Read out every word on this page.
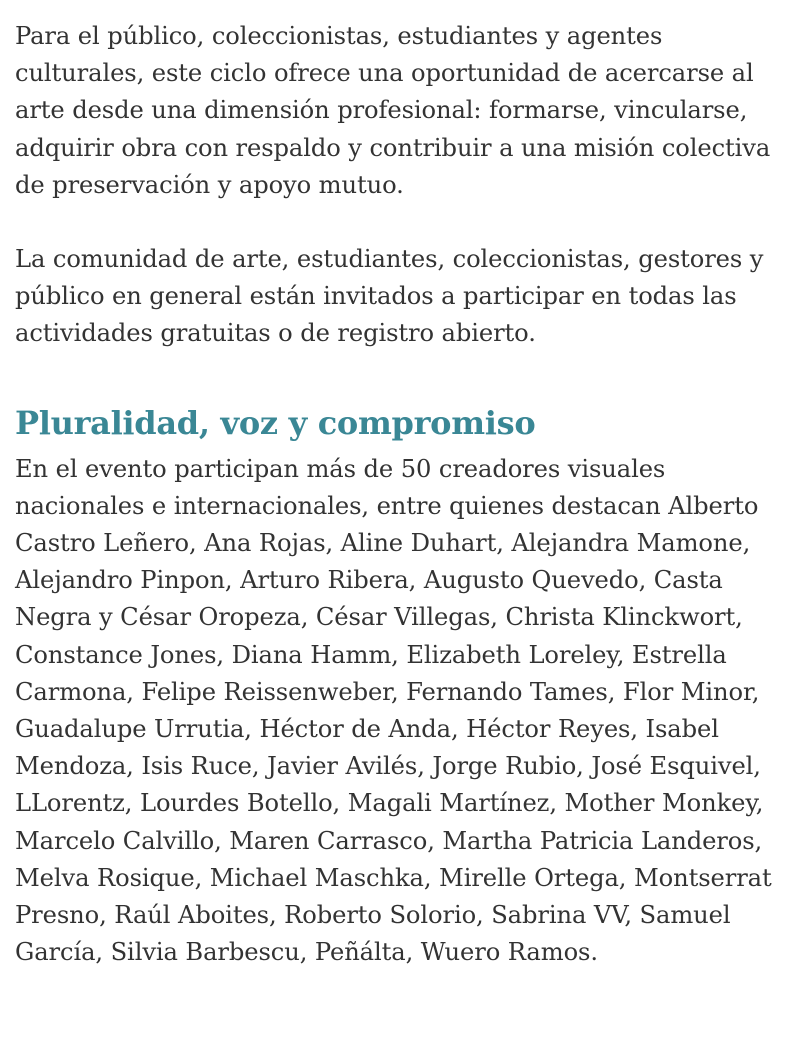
Para el público, coleccionistas, estudiantes y agentes culturales, este ciclo ofrece una oportunidad de acercarse al arte desde una dimensión profesional: formarse, vincularse, adquirir obra con respaldo y contribuir a una misión colectiva de preservación y apoyo mutuo.

La comunidad de arte, estudiantes, coleccionistas, gestores y público en general están invitados a participar en todas las actividades gratuitas o de registro abierto.

Pluralidad, voz y compromiso

En el evento participan más de 50 creadores visuales nacionales e internacionales, entre quienes destacan Alberto Castro Leñero, Ana Rojas, Aline Duhart, Alejandra Mamone, Alejandro Pinpon, Arturo Ribera, Augusto Quevedo, Casta Negra y César Oropeza, César Villegas, Christa Klinckwort, Constance Jones, Diana Hamm, Elizabeth Loreley, Estrella Carmona, Felipe Reissenweber, Fernando Tames, Flor Minor, Guadalupe Urrutia, Héctor de Anda, Héctor Reyes, Isabel Mendoza, Isis Ruce, Javier Avilés, Jorge Rubio, José Esquivel, LLorentz, Lourdes Botello, Magali Martínez, Mother Monkey, Marcelo Calvillo, Maren Carrasco, Martha Patricia Landeros, Melva Rosique, Michael Maschka, Mirelle Ortega, Montserrat Presno, Raúl Aboites, Roberto Solorio, Sabrina VV, Samuel García, Silvia Barbescu, Peñálta, Wuero Ramos.
